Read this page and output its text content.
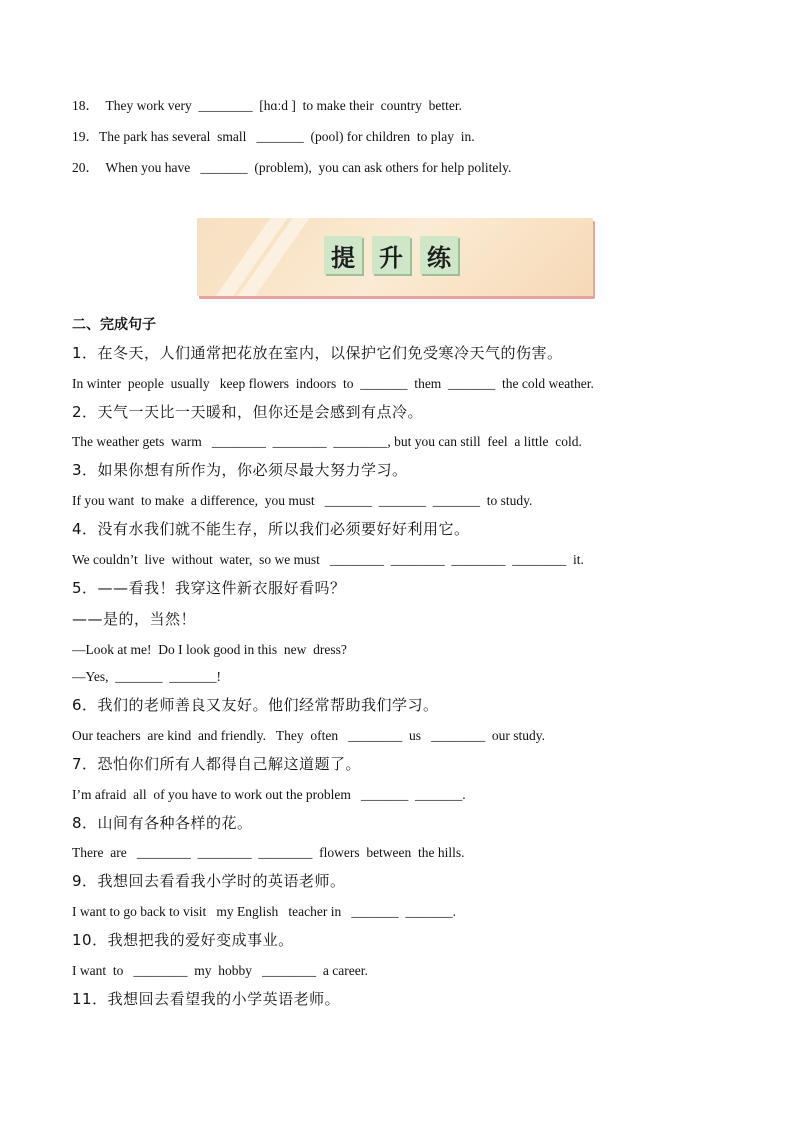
18．  They work very  ________  [hɑːd ]  to make their  country  better.
19．The park has several  small   _______  (pool) for children  to play  in.
20．  When you have   _______  (problem),  you can ask others for help politely.
提 升 练
二、完成句子
1．在冬天，人们通常把花放在室内，以保护它们免受寒冷天气的伤害。
In winter  people  usually   keep flowers  indoors  to  _______  them  _______  the cold weather.
2．天气一天比一天暖和，但你还是会感到有点冷。
The weather gets  warm   ________  ________  ________, but you can still  feel  a little  cold.
3．如果你想有所作为，你必须尽最大努力学习。
If you want  to make  a difference,  you must   _______  _______  _______  to study.
4．没有水我们就不能生存，所以我们必须要好好利用它。
We couldn’t  live  without  water,  so we must   ________  ________  ________  ________  it.
5．——看我！我穿这件新衣服好看吗？
——是的，当然！
—Look at me!  Do I look good in this  new  dress?
—Yes,  _______  _______!
6．我们的老师善良又友好。他们经常帮助我们学习。
Our teachers  are kind  and friendly.   They  often   ________  us   ________  our study.
7．恐怕你们所有人都得自己解这道题了。
I’m afraid  all  of you have to work out the problem   _______  _______.
8．山间有各种各样的花。
There  are   ________  ________  ________  flowers  between  the hills.
9．我想回去看看我小学时的英语老师。
I want to go back to visit   my English   teacher in   _______  _______.
10．我想把我的爱好变成事业。
I want  to   ________  my  hobby   ________  a career.
11．我想回去看望我的小学英语老师。
